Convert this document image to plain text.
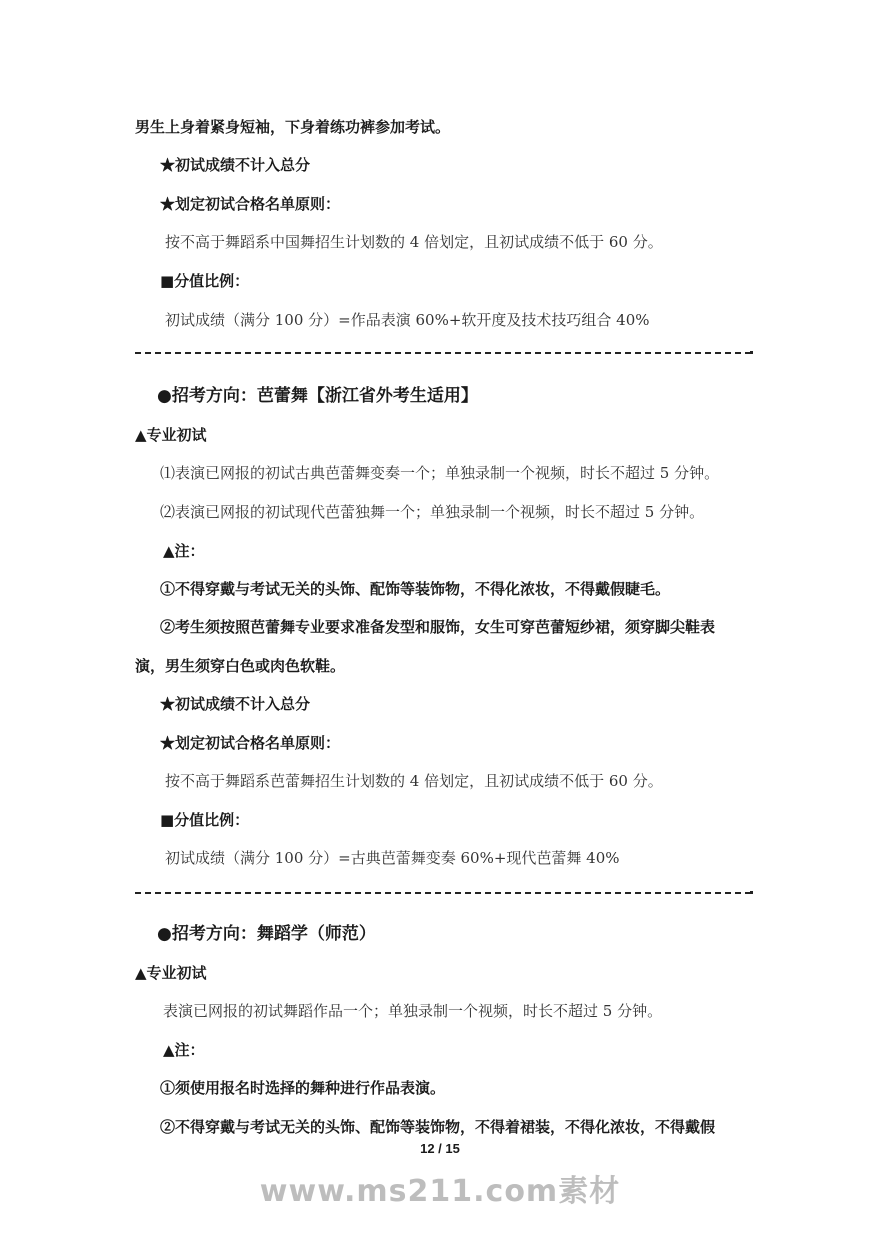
男生上身着紧身短袖，下身着练功裤参加考试。
★初试成绩不计入总分
★划定初试合格名单原则：
按不高于舞蹈系中国舞招生计划数的 4 倍划定，且初试成绩不低于 60 分。
■分值比例：
初试成绩（满分 100 分）=作品表演 60%+软开度及技术技巧组合 40%
●招考方向：芭蕾舞【浙江省外考生适用】
▲专业初试
⑴表演已网报的初试古典芭蕾舞变奏一个；单独录制一个视频，时长不超过 5 分钟。
⑵表演已网报的初试现代芭蕾独舞一个；单独录制一个视频，时长不超过 5 分钟。
▲注：
①不得穿戴与考试无关的头饰、配饰等装饰物，不得化浓妆，不得戴假睫毛。
②考生须按照芭蕾舞专业要求准备发型和服饰，女生可穿芭蕾短纱裙，须穿脚尖鞋表
演，男生须穿白色或肉色软鞋。
★初试成绩不计入总分
★划定初试合格名单原则：
按不高于舞蹈系芭蕾舞招生计划数的 4 倍划定，且初试成绩不低于 60 分。
■分值比例：
初试成绩（满分 100 分）=古典芭蕾舞变奏 60%+现代芭蕾舞 40%
●招考方向：舞蹈学（师范）
▲专业初试
表演已网报的初试舞蹈作品一个；单独录制一个视频，时长不超过 5 分钟。
▲注：
①须使用报名时选择的舞种进行作品表演。
②不得穿戴与考试无关的头饰、配饰等装饰物，不得着裙装，不得化浓妆，不得戴假
12 / 15
www.ms211.com素材
